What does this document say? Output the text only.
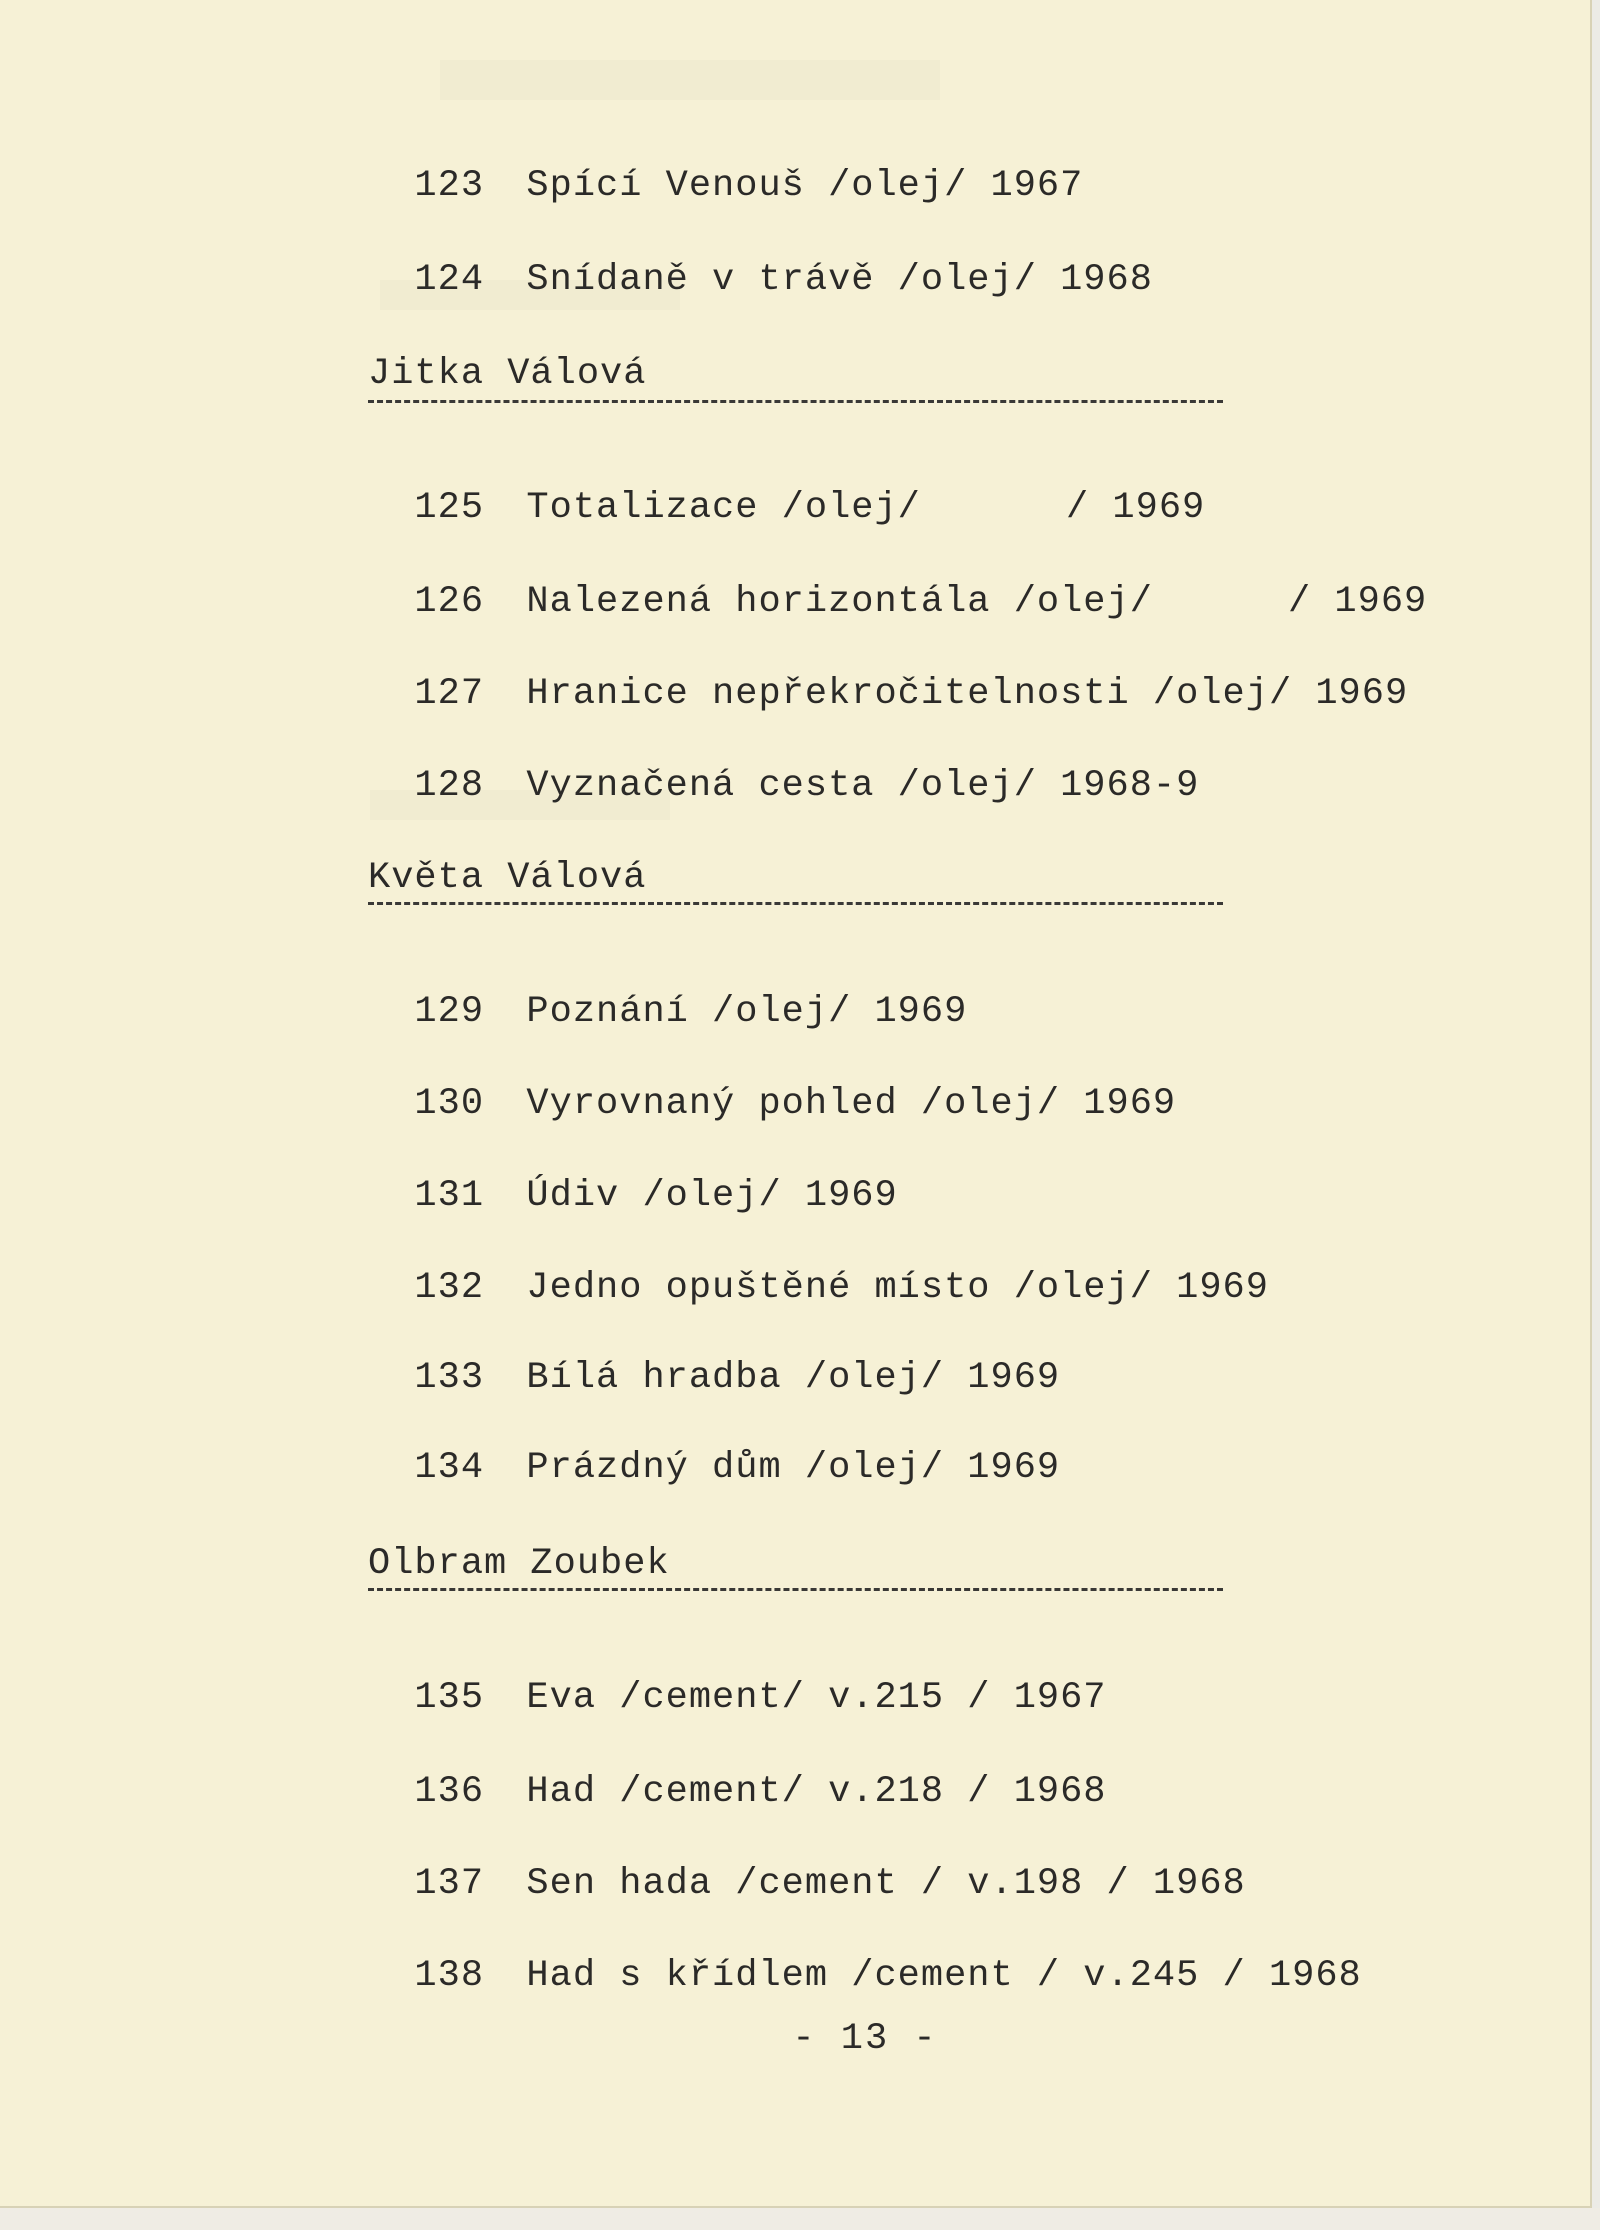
123 Spící Venouš /olej/ 1967

124 Snídaně v trávě /olej/ 1968

Jitka Válová

125 Totalizace /olej/	/ 1969

126 Nalezená horizontála /olej/	/ 1969

127 Hranice nepřekročitelnosti /olej/ 1969

128 Vyznačená cesta /olej/ 1968-9

Květa Válová

129 Poznání /olej/ 1969

130 Vyrovnaný pohled /olej/ 1969

131 Údiv /olej/ 1969

132 Jedno opuštěné místo /olej/ 1969

133 Bílá hradba /olej/ 1969

134 Prázdný dům /olej/ 1969

Olbram Zoubek

135 Eva /cement/ v.215 / 1967

136 Had /cement/ v.218 / 1968

137 Sen hada /cement / v.198 / 1968

138 Had s křídlem /cement / v.245 / 1968

- 13 -
